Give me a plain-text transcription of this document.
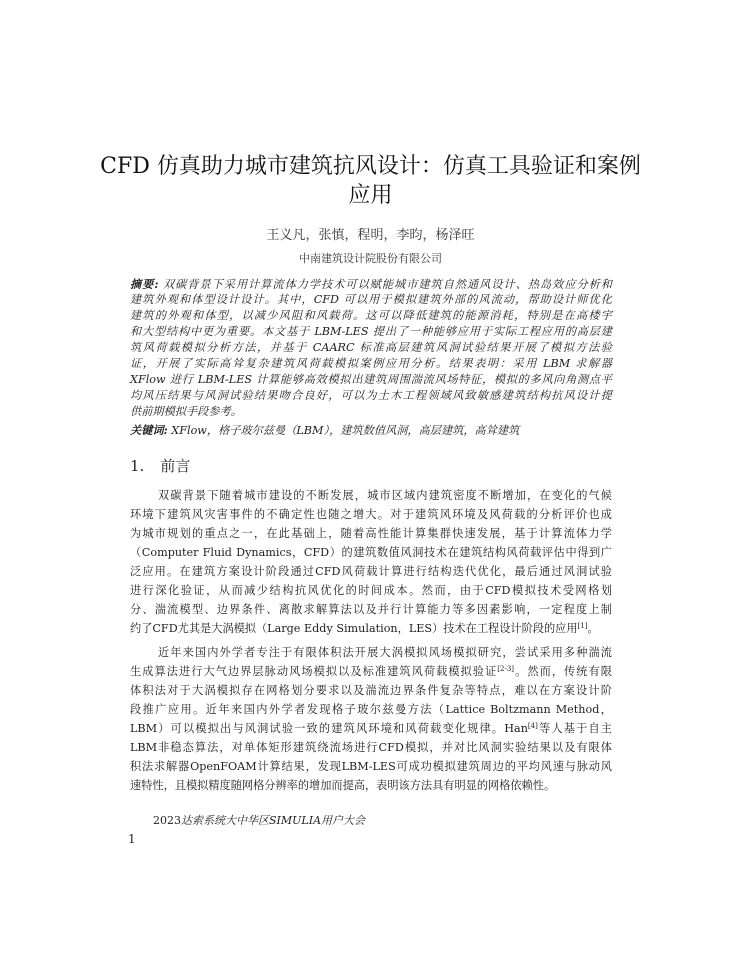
CFD 仿真助力城市建筑抗风设计：仿真工具验证和案例
应用
王义凡，张慎，程明，李昀，杨泽旺
中南建筑设计院股份有限公司
摘要: 双碳背景下采用计算流体力学技术可以赋能城市建筑自然通风设计、热岛效应分析和
建筑外观和体型设计设计。其中，CFD 可以用于模拟建筑外部的风流动，帮助设计师优化
建筑的外观和体型，以减少风阻和风载荷。这可以降低建筑的能源消耗，特别是在高楼宇
和大型结构中更为重要。本文基于 LBM-LES 提出了一种能够应用于实际工程应用的高层建
筑风荷载模拟分析方法，并基于 CAARC 标准高层建筑风洞试验结果开展了模拟方法验
证，开展了实际高耸复杂建筑风荷载模拟案例应用分析。结果表明：采用 LBM 求解器
XFlow 进行 LBM-LES 计算能够高效模拟出建筑周围湍流风场特征，模拟的多风向角测点平
均风压结果与风洞试验结果吻合良好，可以为土木工程领域风致敏感建筑结构抗风设计提
供前期模拟手段参考。
关键词: XFlow，格子玻尔兹曼（LBM），建筑数值风洞，高层建筑，高耸建筑
1. 前言
双碳背景下随着城市建设的不断发展，城市区域内建筑密度不断增加，在变化的气候
环境下建筑风灾害事件的不确定性也随之增大。对于建筑风环境及风荷载的分析评价也成
为城市规划的重点之一，在此基础上，随着高性能计算集群快速发展，基于计算流体力学
（Computer Fluid Dynamics，CFD）的建筑数值风洞技术在建筑结构风荷载评估中得到广
泛应用。在建筑方案设计阶段通过CFD风荷载计算进行结构迭代优化，最后通过风洞试验
进行深化验证，从而减少结构抗风优化的时间成本。然而，由于CFD模拟技术受网格划
分、湍流模型、边界条件、离散求解算法以及并行计算能力等多因素影响，一定程度上制
约了CFD尤其是大涡模拟（Large Eddy Simulation，LES）技术在工程设计阶段的应用[1]。
近年来国内外学者专注于有限体积法开展大涡模拟风场模拟研究，尝试采用多种湍流
生成算法进行大气边界层脉动风场模拟以及标准建筑风荷载模拟验证[2-3]。然而，传统有限
体积法对于大涡模拟存在网格划分要求以及湍流边界条件复杂等特点，难以在方案设计阶
段推广应用。近年来国内外学者发现格子玻尔兹曼方法（Lattice Boltzmann Method，
LBM）可以模拟出与风洞试验一致的建筑风环境和风荷载变化规律。Han[4]等人基于自主
LBM非稳态算法，对单体矩形建筑绕流场进行CFD模拟，并对比风洞实验结果以及有限体
积法求解器OpenFOAM计算结果，发现LBM-LES可成功模拟建筑周边的平均风速与脉动风
速特性，且模拟精度随网格分辨率的增加而提高，表明该方法具有明显的网格依赖性。
2023达索系统大中华区SIMULIA用户大会
1
